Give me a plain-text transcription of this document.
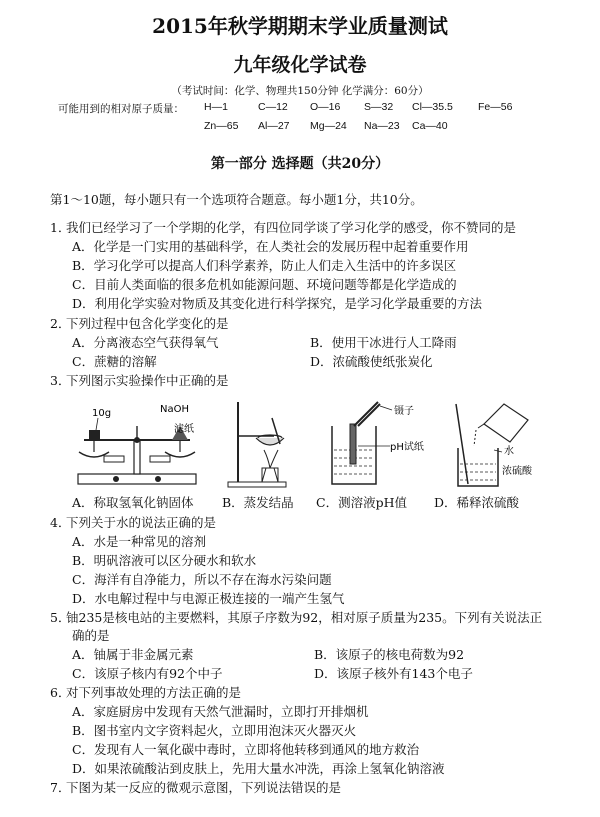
2015年秋学期期末学业质量测试
九年级化学试卷
（考试时间：化学、物理共150分钟 化学满分：60分）
可能用到的相对原子质量： H—1	C—12 O—16 S—32 Cl—35.5 Fe—56
Zn—65 Al—27 Mg—24 Na—23 Ca—40
第一部分 选择题（共20分）
第1～10题，每小题只有一个选项符合题意。每小题1分，共10分。
1．我们已经学习了一个学期的化学，有四位同学谈了学习化学的感受，你不赞同的是
A．化学是一门实用的基础科学，在人类社会的发展历程中起着重要作用
B．学习化学可以提高人们科学素养，防止人们走入生活中的许多误区
C．目前人类面临的很多危机如能源问题、环境问题等都是化学造成的
D．利用化学实验对物质及其变化进行科学探究，是学习化学最重要的方法
2．下列过程中包含化学变化的是
A．分离液态空气获得氧气	B．使用干冰进行人工降雨
C．蔗糖的溶解	D．浓硫酸使纸张炭化
3．下列图示实验操作中正确的是
10g	NaOH
滤纸
镊子
pH试纸	水
浓硫酸
A．称取氢氧化钠固体 B．蒸发结晶 C．测溶液pH值 D．稀释浓硫酸
4．下列关于水的说法正确的是
A．水是一种常见的溶剂
B．明矾溶液可以区分硬水和软水
C．海洋有自净能力，所以不存在海水污染问题
D．水电解过程中与电源正极连接的一端产生氢气
5．铀235是核电站的主要燃料，其原子序数为92，相对原子质量为235。下列有关说法正
确的是
A．铀属于非金属元素	B．该原子的核电荷数为92
C．该原子核内有92个中子	D．该原子核外有143个电子
6．对下列事故处理的方法正确的是
A．家庭厨房中发现有天然气泄漏时，立即打开排烟机
B．图书室内文字资料起火，立即用泡沫灭火器灭火
C．发现有人一氧化碳中毒时，立即将他转移到通风的地方救治
D．如果浓硫酸沾到皮肤上，先用大量水冲洗，再涂上氢氧化钠溶液
7．下图为某一反应的微观示意图，下列说法错误的是
